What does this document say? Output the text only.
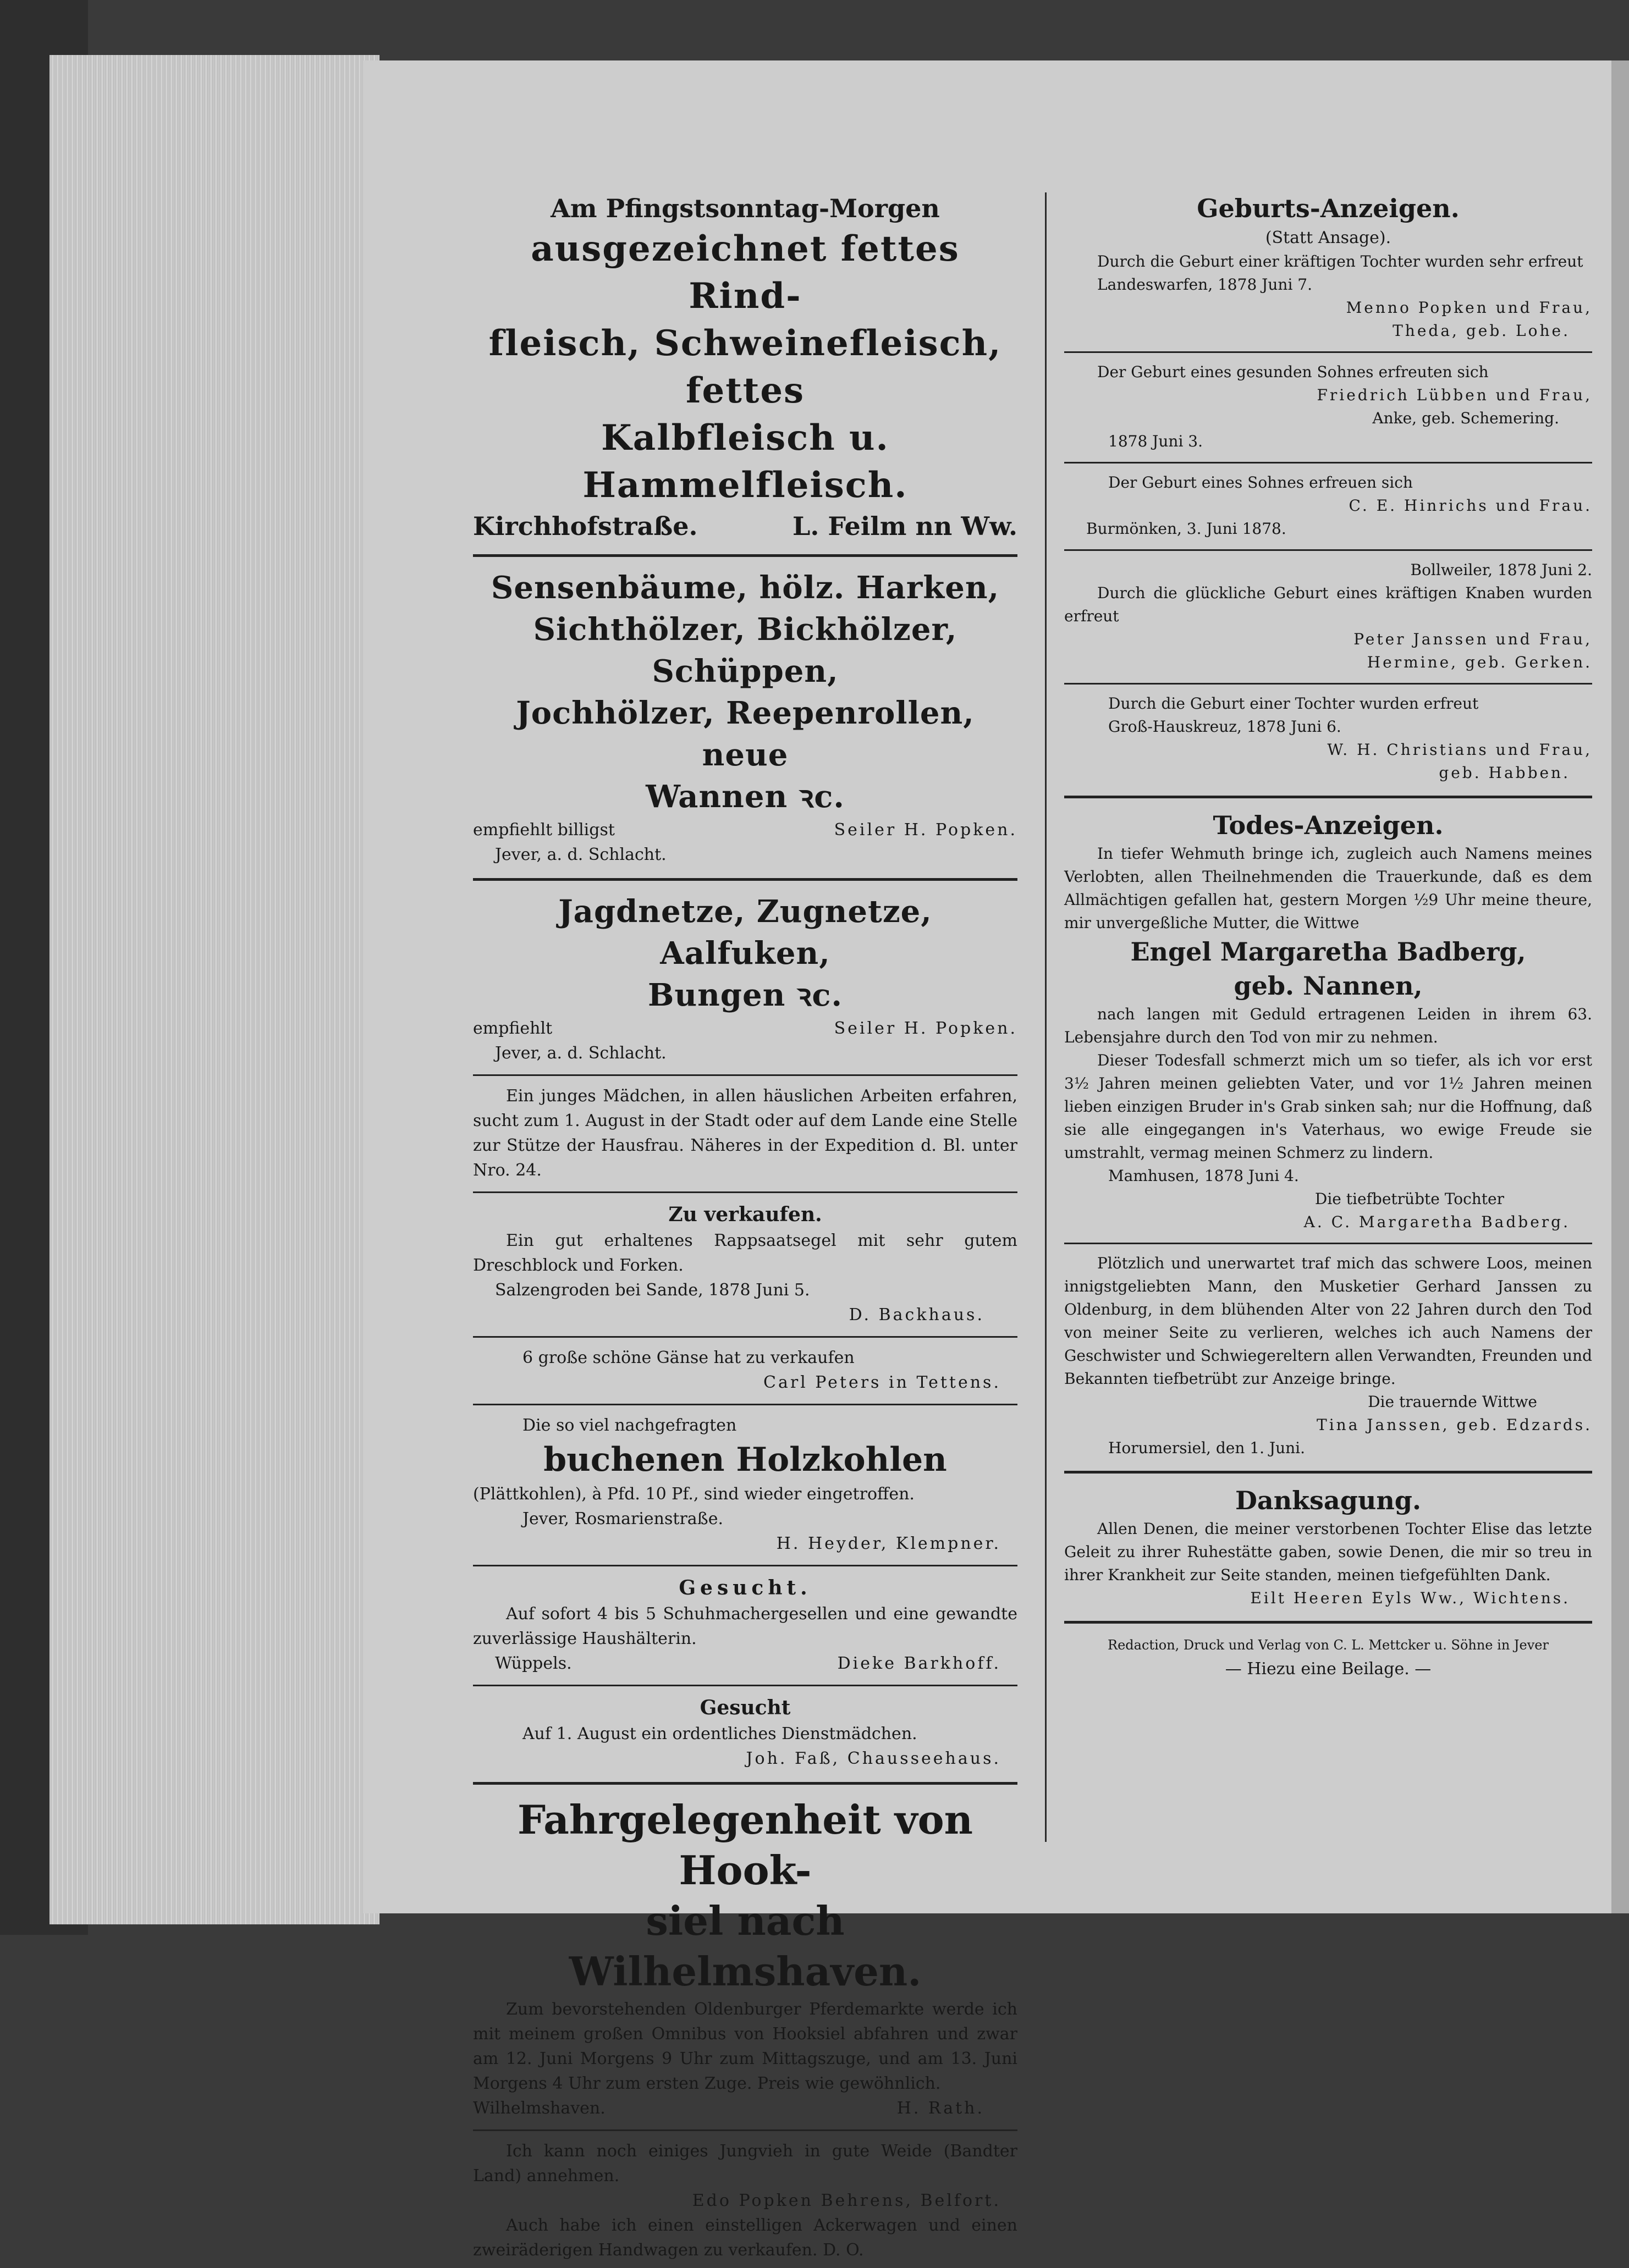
Am Pfingstsonntag-Morgen
ausgezeichnet fettes Rind-
fleisch, Schweinefleisch, fettes
Kalbfleisch u. Hammelfleisch.
Kirchhofstraße.	L. Feilm nn Ww.
Sensenbäume, hölz. Harken,
Sichthölzer, Bickhölzer, Schüppen,
Jochhölzer, Reepenrollen, neue
Wannen ꝛc.
empfiehlt billigst	Seiler H. Popken.
Jever, a. d. Schlacht.
Jagdnetze, Zugnetze, Aalfuken,
Bungen ꝛc.
empfiehlt	Seiler H. Popken.
Jever, a. d. Schlacht.

Ein junges Mädchen, in allen häuslichen Arbeiten erfahren, sucht zum 1. August in der Stadt oder auf dem Lande eine Stelle zur Stütze der Hausfrau. Näheres in der Expedition d. Bl. unter Nro. 24.

Zu verkaufen.

Ein gut erhaltenes Rappsaatsegel mit sehr gutem Dreschblock und Forken.

Salzengroden bei Sande, 1878 Juni 5.
D. Backhaus.
6 große schöne Gänse hat zu verkaufen
Carl Peters in Tettens.
Die so viel nachgefragten
buchenen Holzkohlen
(Plättkohlen), à Pfd. 10 Pf., sind wieder eingetroffen.
Jever, Rosmarienstraße.
H. Heyder, Klempner.
Gesucht.

Auf sofort 4 bis 5 Schuhmachergesellen und eine gewandte zuverlässige Haushälterin.

Wüppels.	Dieke Barkhoff.
Gesucht
Auf 1. August ein ordentliches Dienstmädchen.
Joh. Faß, Chausseehaus.
Fahrgelegenheit von Hook-
siel nach Wilhelmshaven.

Zum bevorstehenden Oldenburger Pferdemarkte werde ich mit meinem großen Omnibus von Hooksiel abfahren und zwar am 12. Juni Morgens 9 Uhr zum Mittagszuge, und am 13. Juni Morgens 4 Uhr zum ersten Zuge. Preis wie gewöhnlich.

Wilhelmshaven.	H. Rath.

Ich kann noch einiges Jungvieh in gute Weide (Bandter Land) annehmen.

Edo Popken Behrens, Belfort.

Auch habe ich einen einstelligen Ackerwagen und einen zweiräderigen Handwagen zu verkaufen. D. O.

Geburts-Anzeigen.
(Statt Ansage).

Durch die Geburt einer kräftigen Tochter wurden sehr erfreut

Landeswarfen, 1878 Juni 7.
Menno Popken und Frau,
Theda, geb. Lohe.

Der Geburt eines gesunden Sohnes erfreuten sich

Friedrich Lübben und Frau,
Anke, geb. Schemering.
1878 Juni 3.
Der Geburt eines Sohnes erfreuen sich
C. E. Hinrichs und Frau.
Burmönken, 3. Juni 1878.
Bollweiler, 1878 Juni 2.

Durch die glückliche Geburt eines kräftigen Knaben wurden erfreut

Peter Janssen und Frau,
Hermine, geb. Gerken.
Durch die Geburt einer Tochter wurden erfreut
Groß-Hauskreuz, 1878 Juni 6.
W. H. Christians und Frau,
geb. Habben.
Todes-Anzeigen.

In tiefer Wehmuth bringe ich, zugleich auch Namens meines Verlobten, allen Theilnehmenden die Trauerkunde, daß es dem Allmächtigen gefallen hat, gestern Morgen ½9 Uhr meine theure, mir unvergeßliche Mutter, die Wittwe

Engel Margaretha Badberg,
geb. Nannen,

nach langen mit Geduld ertragenen Leiden in ihrem 63. Lebensjahre durch den Tod von mir zu nehmen.

Dieser Todesfall schmerzt mich um so tiefer, als ich vor erst 3½ Jahren meinen geliebten Vater, und vor 1½ Jahren meinen lieben einzigen Bruder in's Grab sinken sah; nur die Hoffnung, daß sie alle eingegangen in's Vaterhaus, wo ewige Freude sie umstrahlt, vermag meinen Schmerz zu lindern.

Mamhusen, 1878 Juni 4.
Die tiefbetrübte Tochter
A. C. Margaretha Badberg.

Plötzlich und unerwartet traf mich das schwere Loos, meinen innigstgeliebten Mann, den Musketier Gerhard Janssen zu Oldenburg, in dem blühenden Alter von 22 Jahren durch den Tod von meiner Seite zu verlieren, welches ich auch Namens der Geschwister und Schwiegereltern allen Verwandten, Freunden und Bekannten tiefbetrübt zur Anzeige bringe.

Die trauernde Wittwe
Tina Janssen, geb. Edzards.
Horumersiel, den 1. Juni.
Danksagung.

Allen Denen, die meiner verstorbenen Tochter Elise das letzte Geleit zu ihrer Ruhestätte gaben, sowie Denen, die mir so treu in ihrer Krankheit zur Seite standen, meinen tiefgefühlten Dank.

Eilt Heeren Eyls Ww., Wichtens.
Redaction, Druck und Verlag von C. L. Mettcker u. Söhne in Jever
— Hiezu eine Beilage. —
